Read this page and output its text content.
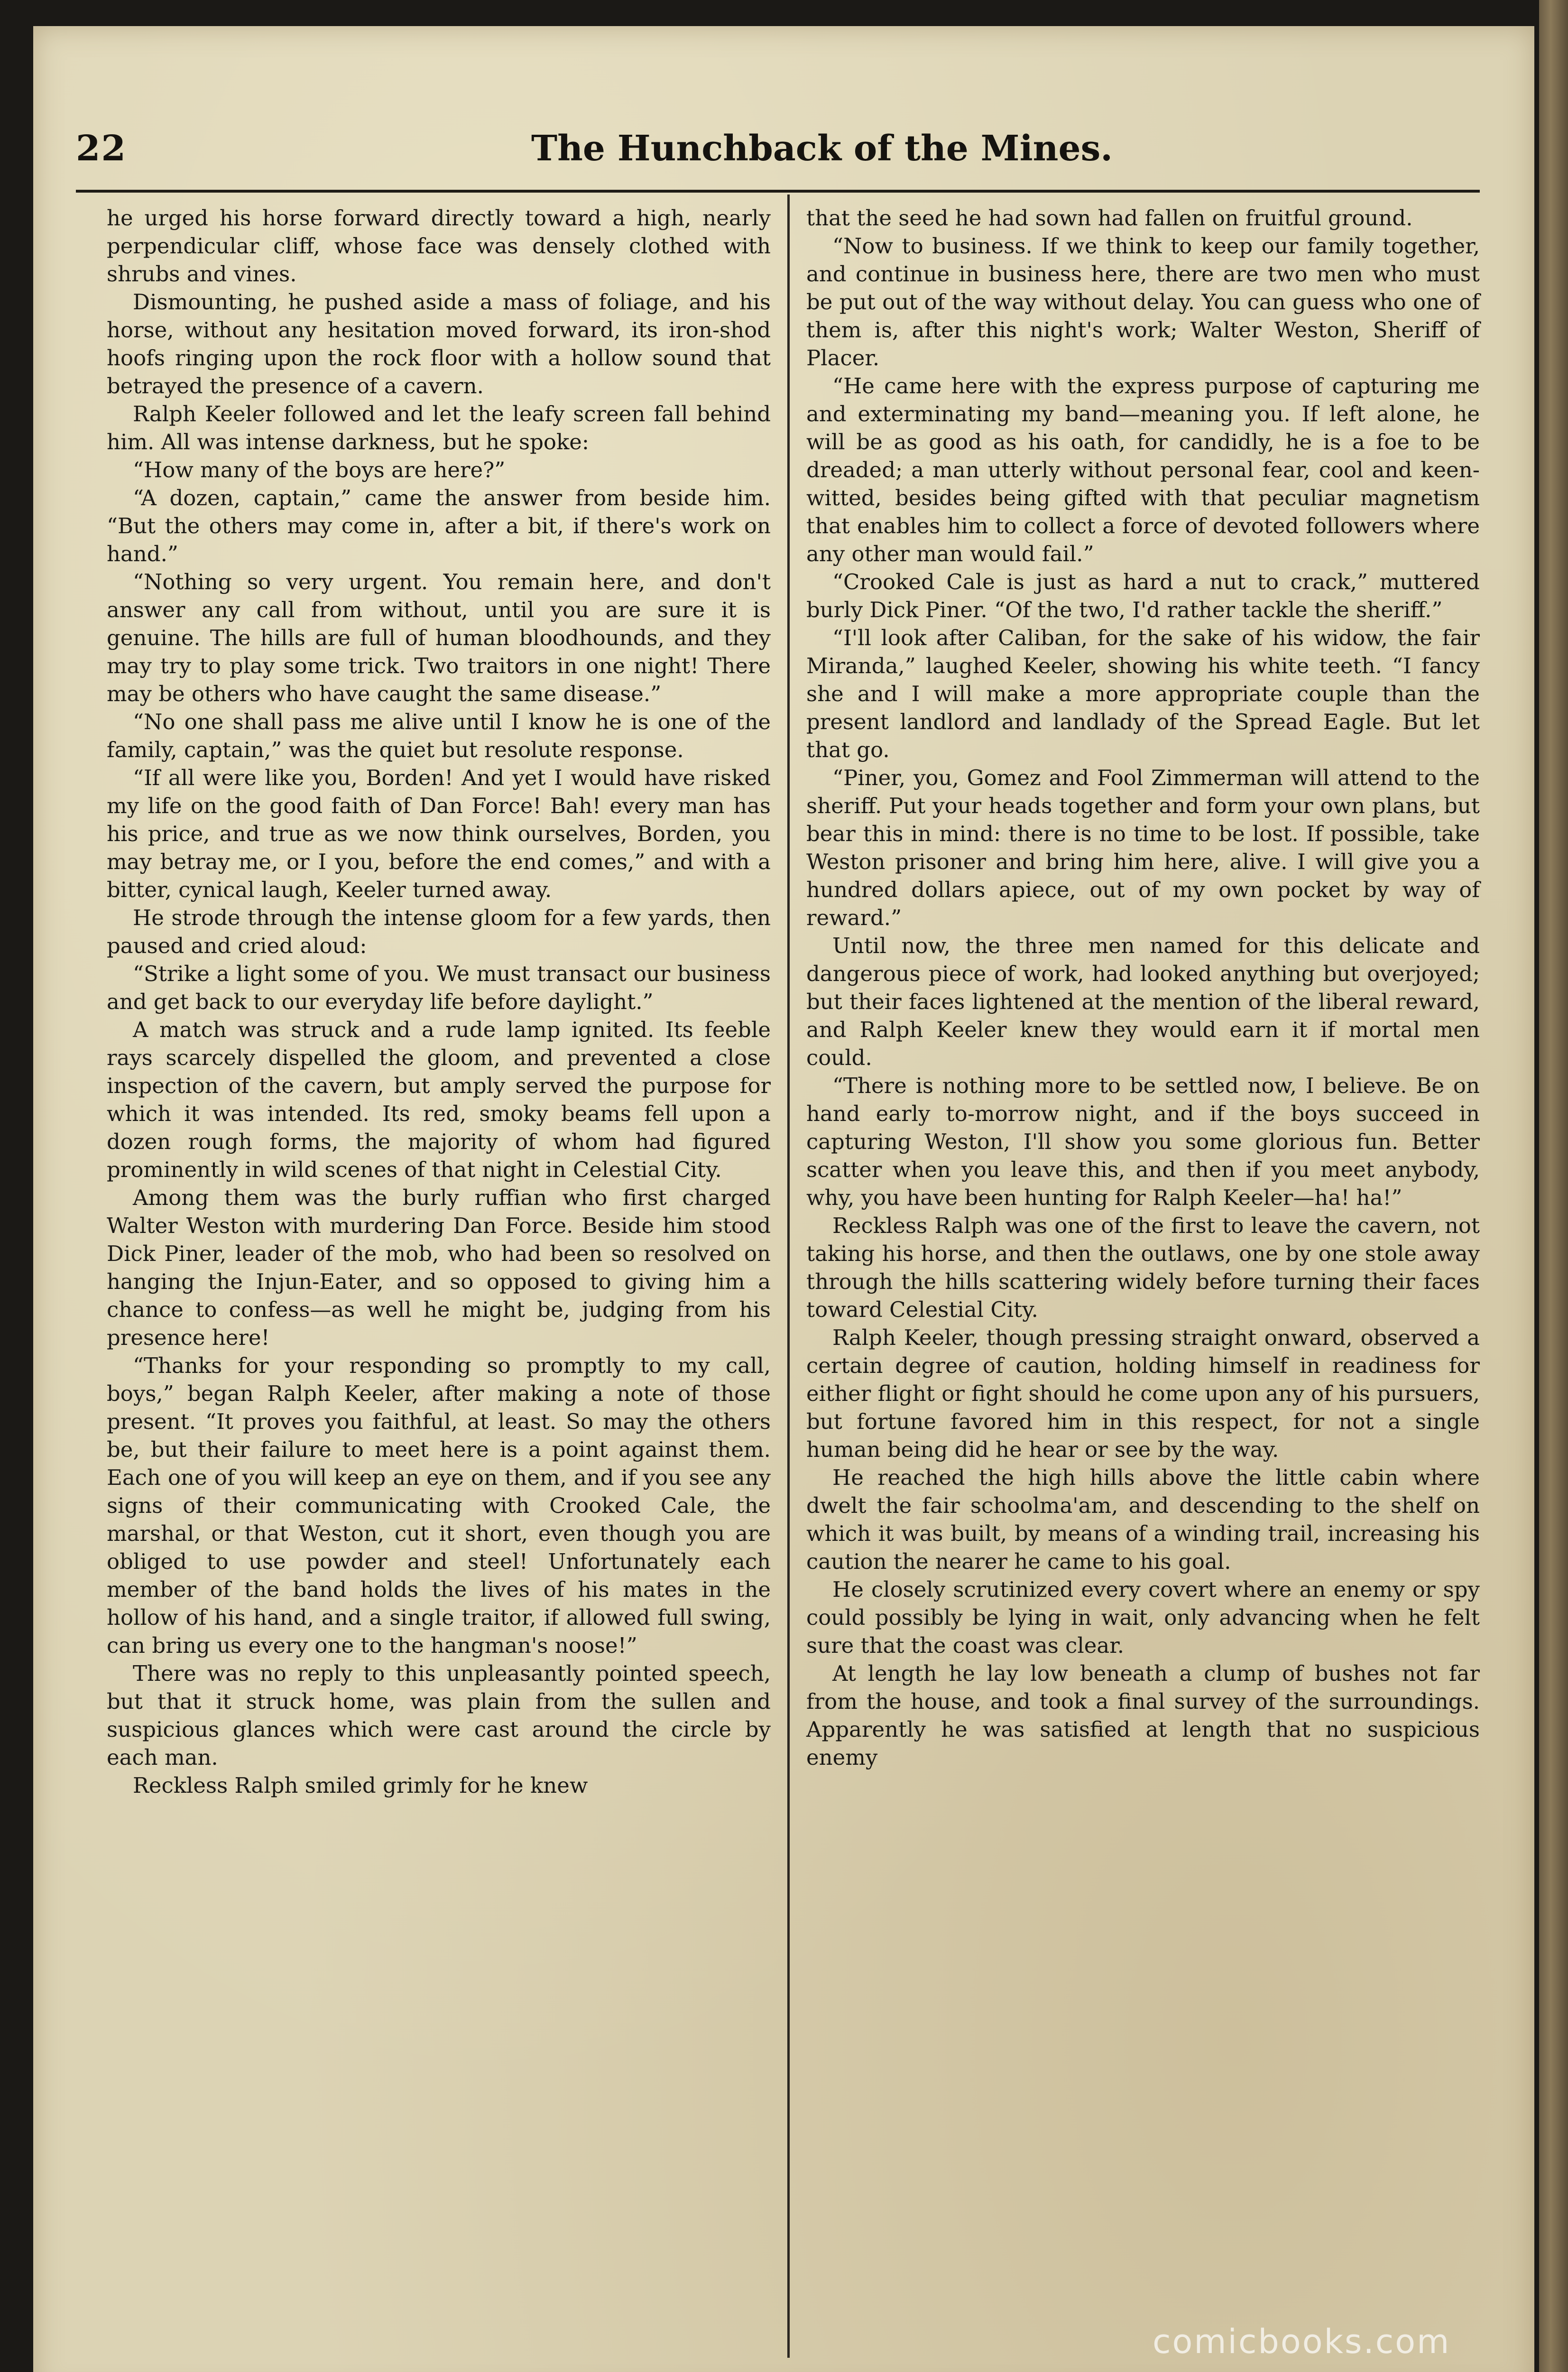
22	The Hunchback of the Mines.

he urged his horse forward directly toward a high, nearly perpendicular cliff, whose face was densely clothed with shrubs and vines.

Dismounting, he pushed aside a mass of foliage, and his horse, without any hesitation moved forward, its iron-shod hoofs ringing upon the rock floor with a hollow sound that betrayed the presence of a cavern.

Ralph Keeler followed and let the leafy screen fall behind him. All was intense darkness, but he spoke:

“How many of the boys are here?”

“A dozen, captain,” came the answer from beside him. “But the others may come in, after a bit, if there's work on hand.”

“Nothing so very urgent. You remain here, and don't answer any call from without, until you are sure it is genuine. The hills are full of human bloodhounds, and they may try to play some trick. Two traitors in one night! There may be others who have caught the same disease.”

“No one shall pass me alive until I know he is one of the family, captain,” was the quiet but resolute response.

“If all were like you, Borden! And yet I would have risked my life on the good faith of Dan Force! Bah! every man has his price, and true as we now think ourselves, Borden, you may betray me, or I you, before the end comes,” and with a bitter, cynical laugh, Keeler turned away.

He strode through the intense gloom for a few yards, then paused and cried aloud:

“Strike a light some of you. We must transact our business and get back to our everyday life before daylight.”

A match was struck and a rude lamp ignited. Its feeble rays scarcely dispelled the gloom, and prevented a close inspection of the cavern, but amply served the purpose for which it was intended. Its red, smoky beams fell upon a dozen rough forms, the majority of whom had figured prominently in wild scenes of that night in Celestial City.

Among them was the burly ruffian who first charged Walter Weston with murdering Dan Force. Beside him stood Dick Piner, leader of the mob, who had been so resolved on hanging the Injun-Eater, and so opposed to giving him a chance to confess—as well he might be, judging from his presence here!

“Thanks for your responding so promptly to my call, boys,” began Ralph Keeler, after making a note of those present. “It proves you faithful, at least. So may the others be, but their failure to meet here is a point against them. Each one of you will keep an eye on them, and if you see any signs of their communicating with Crooked Cale, the marshal, or that Weston, cut it short, even though you are obliged to use powder and steel! Unfortunately each member of the band holds the lives of his mates in the hollow of his hand, and a single traitor, if allowed full swing, can bring us every one to the hangman's noose!”

There was no reply to this unpleasantly pointed speech, but that it struck home, was plain from the sullen and suspicious glances which were cast around the circle by each man.

Reckless Ralph smiled grimly for he knew

that the seed he had sown had fallen on fruitful ground.

“Now to business. If we think to keep our family together, and continue in business here, there are two men who must be put out of the way without delay. You can guess who one of them is, after this night's work; Walter Weston, Sheriff of Placer.

“He came here with the express purpose of capturing me and exterminating my band—meaning you. If left alone, he will be as good as his oath, for candidly, he is a foe to be dreaded; a man utterly without personal fear, cool and keen-witted, besides being gifted with that peculiar magnetism that enables him to collect a force of devoted followers where any other man would fail.”

“Crooked Cale is just as hard a nut to crack,” muttered burly Dick Piner. “Of the two, I'd rather tackle the sheriff.”

“I'll look after Caliban, for the sake of his widow, the fair Miranda,” laughed Keeler, showing his white teeth. “I fancy she and I will make a more appropriate couple than the present landlord and landlady of the Spread Eagle. But let that go.

“Piner, you, Gomez and Fool Zimmerman will attend to the sheriff. Put your heads together and form your own plans, but bear this in mind: there is no time to be lost. If possible, take Weston prisoner and bring him here, alive. I will give you a hundred dollars apiece, out of my own pocket by way of reward.”

Until now, the three men named for this delicate and dangerous piece of work, had looked anything but overjoyed; but their faces lightened at the mention of the liberal reward, and Ralph Keeler knew they would earn it if mortal men could.

“There is nothing more to be settled now, I believe. Be on hand early to-morrow night, and if the boys succeed in capturing Weston, I'll show you some glorious fun. Better scatter when you leave this, and then if you meet anybody, why, you have been hunting for Ralph Keeler—ha! ha!”

Reckless Ralph was one of the first to leave the cavern, not taking his horse, and then the outlaws, one by one stole away through the hills scattering widely before turning their faces toward Celestial City.

Ralph Keeler, though pressing straight onward, observed a certain degree of caution, holding himself in readiness for either flight or fight should he come upon any of his pursuers, but fortune favored him in this respect, for not a single human being did he hear or see by the way.

He reached the high hills above the little cabin where dwelt the fair schoolma'am, and descending to the shelf on which it was built, by means of a winding trail, increasing his caution the nearer he came to his goal.

He closely scrutinized every covert where an enemy or spy could possibly be lying in wait, only advancing when he felt sure that the coast was clear.

At length he lay low beneath a clump of bushes not far from the house, and took a final survey of the surroundings. Apparently he was satisfied at length that no suspicious enemy

comicbooks.com
